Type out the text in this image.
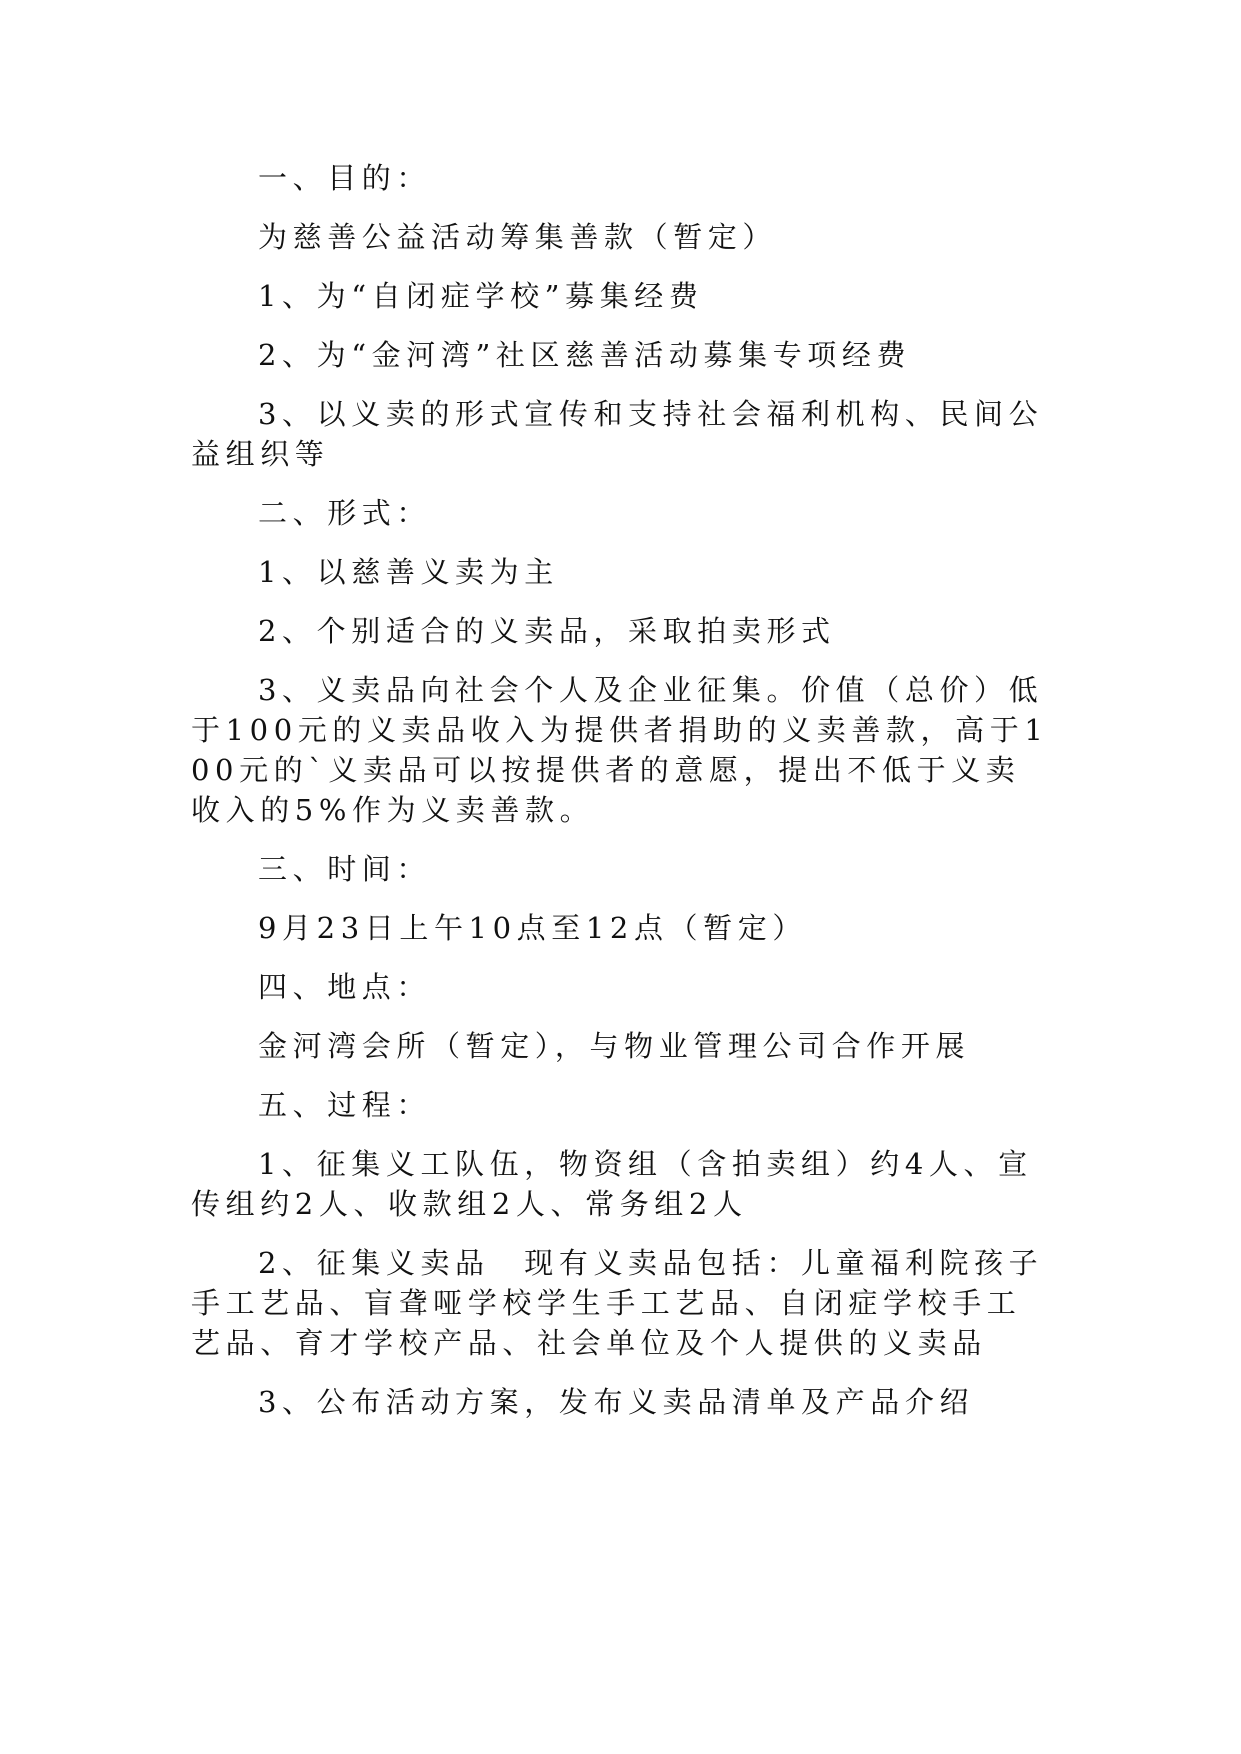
一、目的：

为慈善公益活动筹集善款（暂定）

1、为“自闭症学校”募集经费

2、为“金河湾”社区慈善活动募集专项经费

3、以义卖的形式宣传和支持社会福利机构、民间公益组织等

二、形式：

1、以慈善义卖为主

2、个别适合的义卖品，采取拍卖形式

3、义卖品向社会个人及企业征集。价值（总价）低于100元的义卖品收入为提供者捐助的义卖善款，高于100元的`义卖品可以按提供者的意愿，提出不低于义卖收入的5%作为义卖善款。

三、时间：

9月23日上午10点至12点（暂定）

四、地点：

金河湾会所（暂定），与物业管理公司合作开展

五、过程：

1、征集义工队伍，物资组（含拍卖组）约4人、宣传组约2人、收款组2人、常务组2人

2、征集义卖品　现有义卖品包括：儿童福利院孩子手工艺品、盲聋哑学校学生手工艺品、自闭症学校手工艺品、育才学校产品、社会单位及个人提供的义卖品

3、公布活动方案，发布义卖品清单及产品介绍
